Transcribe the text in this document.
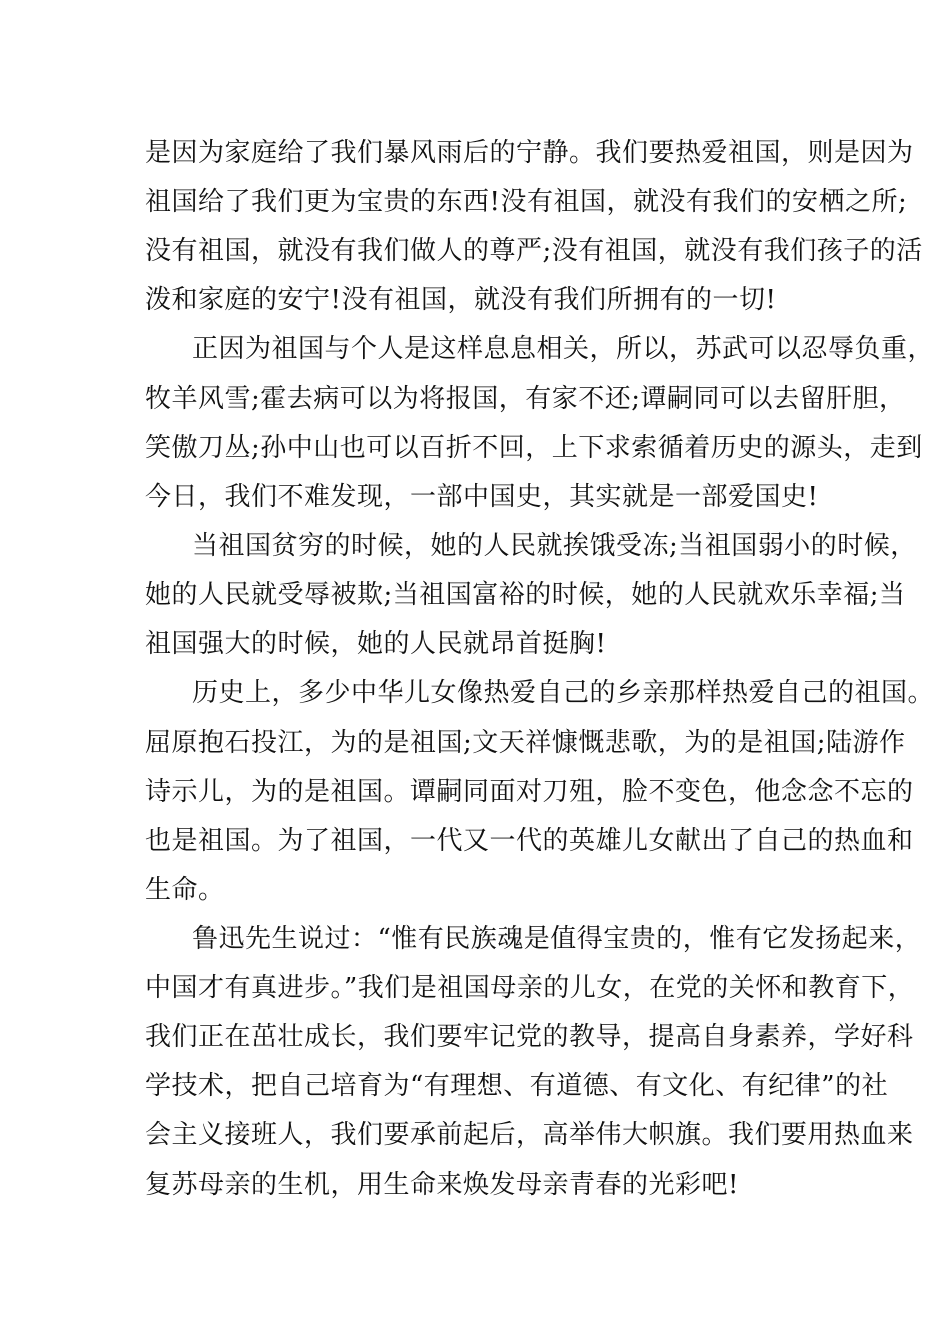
是因为家庭给了我们暴风雨后的宁静。我们要热爱祖国，则是因为
祖国给了我们更为宝贵的东西!没有祖国，就没有我们的安栖之所;
没有祖国，就没有我们做人的尊严;没有祖国，就没有我们孩子的活
泼和家庭的安宁!没有祖国，就没有我们所拥有的一切!
正因为祖国与个人是这样息息相关，所以，苏武可以忍辱负重，
牧羊风雪;霍去病可以为将报国，有家不还;谭嗣同可以去留肝胆，
笑傲刀丛;孙中山也可以百折不回，上下求索循着历史的源头，走到
今日，我们不难发现，一部中国史，其实就是一部爱国史!
当祖国贫穷的时候，她的人民就挨饿受冻;当祖国弱小的时候，
她的人民就受辱被欺;当祖国富裕的时候，她的人民就欢乐幸福;当
祖国强大的时候，她的人民就昂首挺胸!
历史上，多少中华儿女像热爱自己的乡亲那样热爱自己的祖国。
屈原抱石投江，为的是祖国;文天祥慷慨悲歌，为的是祖国;陆游作
诗示儿，为的是祖国。谭嗣同面对刀殂，脸不变色，他念念不忘的
也是祖国。为了祖国，一代又一代的英雄儿女献出了自己的热血和
生命。
鲁迅先生说过：“惟有民族魂是值得宝贵的，惟有它发扬起来，
中国才有真进步。”我们是祖国母亲的儿女，在党的关怀和教育下，
我们正在茁壮成长，我们要牢记党的教导，提高自身素养，学好科
学技术，把自己培育为“有理想、有道德、有文化、有纪律”的社
会主义接班人，我们要承前起后，高举伟大帜旗。我们要用热血来
复苏母亲的生机，用生命来焕发母亲青春的光彩吧!
